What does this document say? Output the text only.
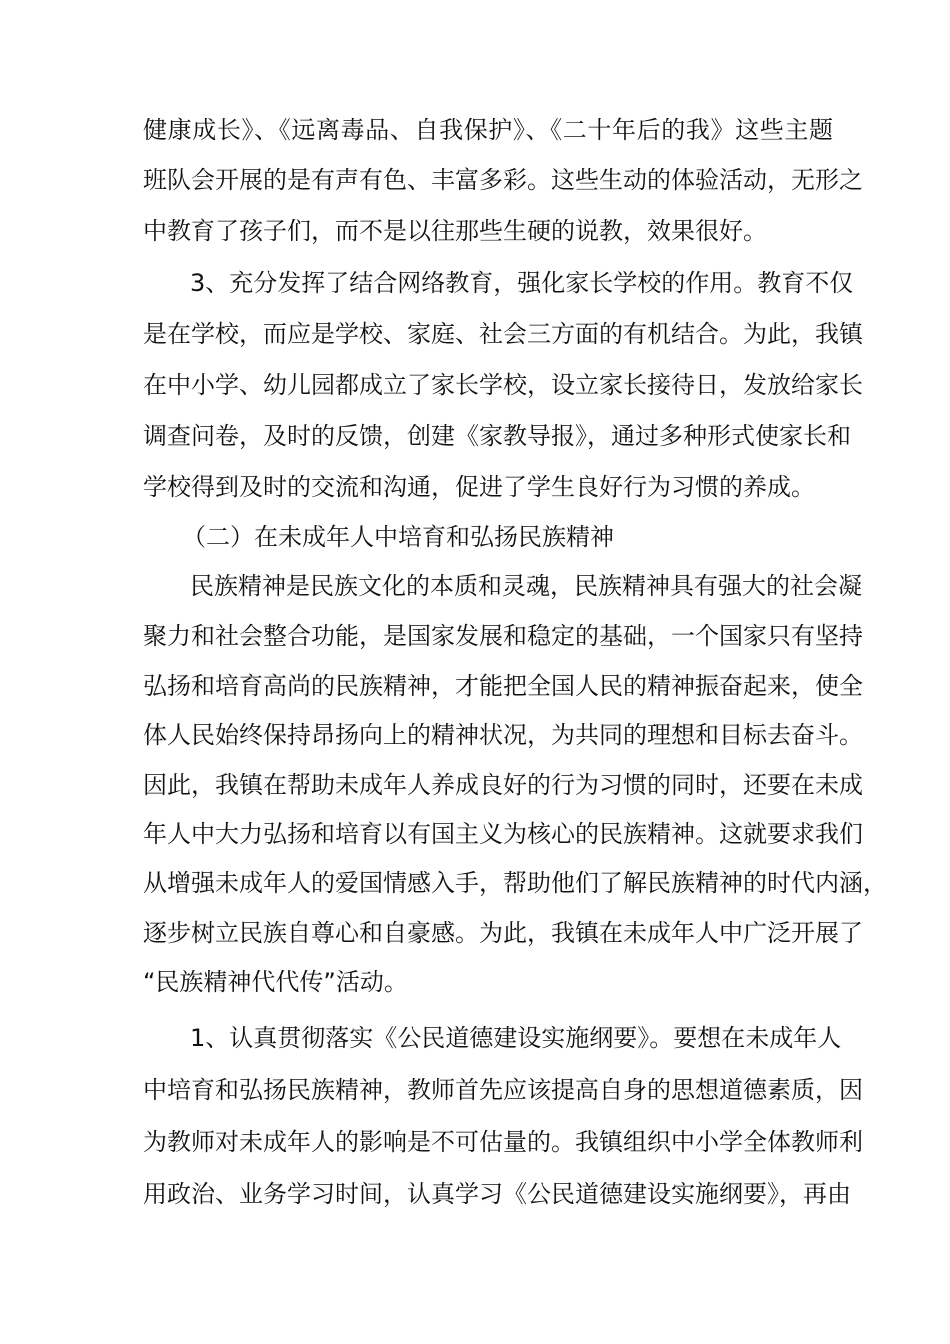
健康成长》、《远离毒品、自我保护》、《二十年后的我》这些主题
班队会开展的是有声有色、丰富多彩。这些生动的体验活动，无形之
中教育了孩子们，而不是以往那些生硬的说教，效果很好。
3、充分发挥了结合网络教育，强化家长学校的作用。教育不仅
是在学校，而应是学校、家庭、社会三方面的有机结合。为此，我镇
在中小学、幼儿园都成立了家长学校，设立家长接待日，发放给家长
调查问卷，及时的反馈，创建《家教导报》，通过多种形式使家长和
学校得到及时的交流和沟通，促进了学生良好行为习惯的养成。
（二）在未成年人中培育和弘扬民族精神
民族精神是民族文化的本质和灵魂，民族精神具有强大的社会凝
聚力和社会整合功能，是国家发展和稳定的基础，一个国家只有坚持
弘扬和培育高尚的民族精神，才能把全国人民的精神振奋起来，使全
体人民始终保持昂扬向上的精神状况，为共同的理想和目标去奋斗。
因此，我镇在帮助未成年人养成良好的行为习惯的同时，还要在未成
年人中大力弘扬和培育以有国主义为核心的民族精神。这就要求我们
从增强未成年人的爱国情感入手，帮助他们了解民族精神的时代内涵，
逐步树立民族自尊心和自豪感。为此，我镇在未成年人中广泛开展了
“民族精神代代传”活动。
1、认真贯彻落实《公民道德建设实施纲要》。要想在未成年人
中培育和弘扬民族精神，教师首先应该提高自身的思想道德素质，因
为教师对未成年人的影响是不可估量的。我镇组织中小学全体教师利
用政治、业务学习时间，认真学习《公民道德建设实施纲要》，再由
